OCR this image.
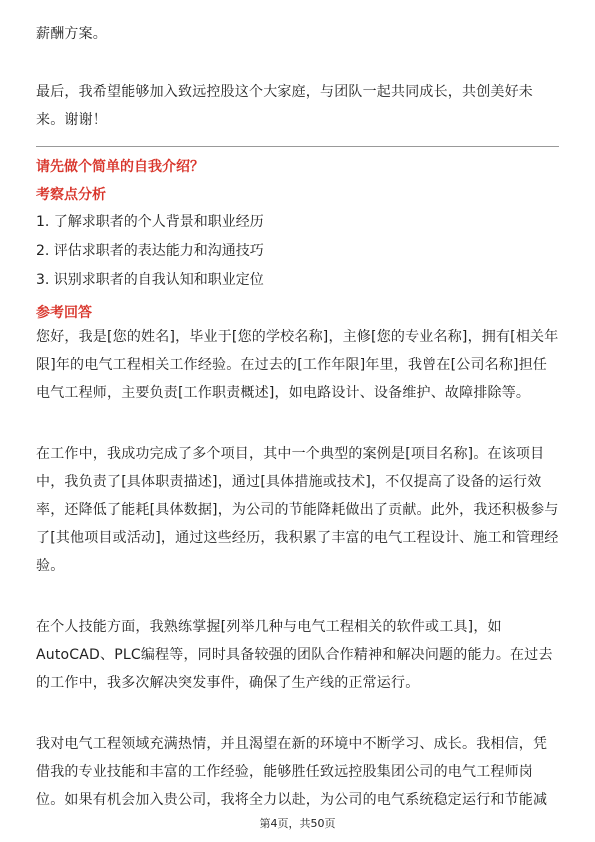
薪酬方案。

最后，我希望能够加入致远控股这个大家庭，与团队一起共同成长，共创美好未来。谢谢！

请先做个简单的自我介绍？

考察点分析

1. 了解求职者的个人背景和职业经历

2. 评估求职者的表达能力和沟通技巧

3. 识别求职者的自我认知和职业定位

参考回答

您好，我是[您的姓名]，毕业于[您的学校名称]，主修[您的专业名称]，拥有[相关年限]年的电气工程相关工作经验。在过去的[工作年限]年里，我曾在[公司名称]担任电气工程师，主要负责[工作职责概述]，如电路设计、设备维护、故障排除等。

在工作中，我成功完成了多个项目，其中一个典型的案例是[项目名称]。在该项目中，我负责了[具体职责描述]，通过[具体措施或技术]，不仅提高了设备的运行效率，还降低了能耗[具体数据]，为公司的节能降耗做出了贡献。此外，我还积极参与了[其他项目或活动]，通过这些经历，我积累了丰富的电气工程设计、施工和管理经验。

在个人技能方面，我熟练掌握[列举几种与电气工程相关的软件或工具]，如AutoCAD、PLC编程等，同时具备较强的团队合作精神和解决问题的能力。在过去的工作中，我多次解决突发事件，确保了生产线的正常运行。

我对电气工程领域充满热情，并且渴望在新的环境中不断学习、成长。我相信，凭借我的专业技能和丰富的工作经验，能够胜任致远控股集团公司的电气工程师岗位。如果有机会加入贵公司，我将全力以赴，为公司的电气系统稳定运行和节能减

第4页，共50页
